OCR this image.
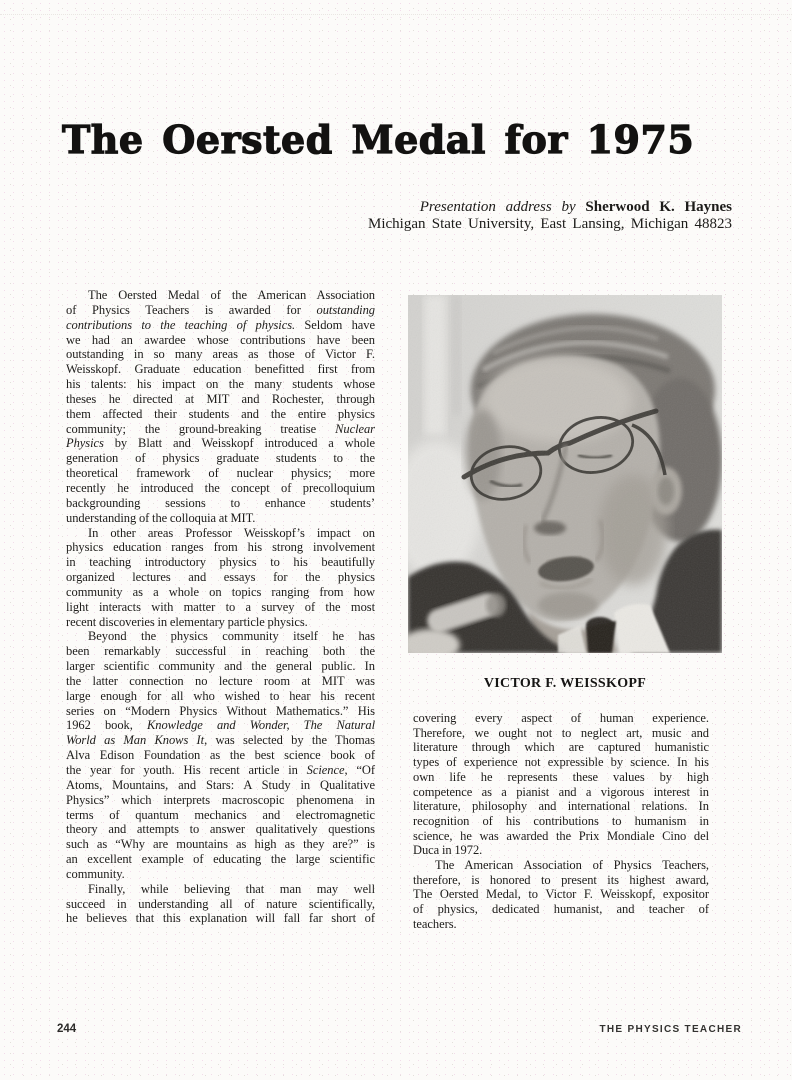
The Oersted Medal for 1975
Presentation address by Sherwood K. Haynes
Michigan State University, East Lansing, Michigan 48823
The Oersted Medal of the American Association
of Physics Teachers is awarded for outstanding
contributions to the teaching of physics. Seldom have
we had an awardee whose contributions have been
outstanding in so many areas as those of Victor F.
Weisskopf. Graduate education benefitted first from
his talents: his impact on the many students whose
theses he directed at MIT and Rochester, through
them affected their students and the entire physics
community; the ground-breaking treatise Nuclear
Physics by Blatt and Weisskopf introduced a whole
generation of physics graduate students to the
theoretical framework of nuclear physics; more
recently he introduced the concept of precolloquium
backgrounding sessions to enhance students’
understanding of the colloquia at MIT.
In other areas Professor Weisskopf’s impact on
physics education ranges from his strong involvement
in teaching introductory physics to his beautifully
organized lectures and essays for the physics
community as a whole on topics ranging from how
light interacts with matter to a survey of the most
recent discoveries in elementary particle physics.
Beyond the physics community itself he has
been remarkably successful in reaching both the
larger scientific community and the general public. In
the latter connection no lecture room at MIT was
large enough for all who wished to hear his recent
series on “Modern Physics Without Mathematics.” His
1962 book, Knowledge and Wonder, The Natural
World as Man Knows It, was selected by the Thomas
Alva Edison Foundation as the best science book of
the year for youth. His recent article in Science, “Of
Atoms, Mountains, and Stars: A Study in Qualitative
Physics” which interprets macroscopic phenomena in
terms of quantum mechanics and electromagnetic
theory and attempts to answer qualitatively questions
such as “Why are mountains as high as they are?” is
an excellent example of educating the large scientific
community.
Finally, while believing that man may well
succeed in understanding all of nature scientifically,
he believes that this explanation will fall far short of
VICTOR F. WEISSKOPF
covering every aspect of human experience.
Therefore, we ought not to neglect art, music and
literature through which are captured humanistic
types of experience not expressible by science. In his
own life he represents these values by high
competence as a pianist and a vigorous interest in
literature, philosophy and international relations. In
recognition of his contributions to humanism in
science, he was awarded the Prix Mondiale Cino del
Duca in 1972.
The American Association of Physics Teachers,
therefore, is honored to present its highest award,
The Oersted Medal, to Victor F. Weisskopf, expositor
of physics, dedicated humanist, and teacher of
teachers.
244	THE PHYSICS TEACHER
